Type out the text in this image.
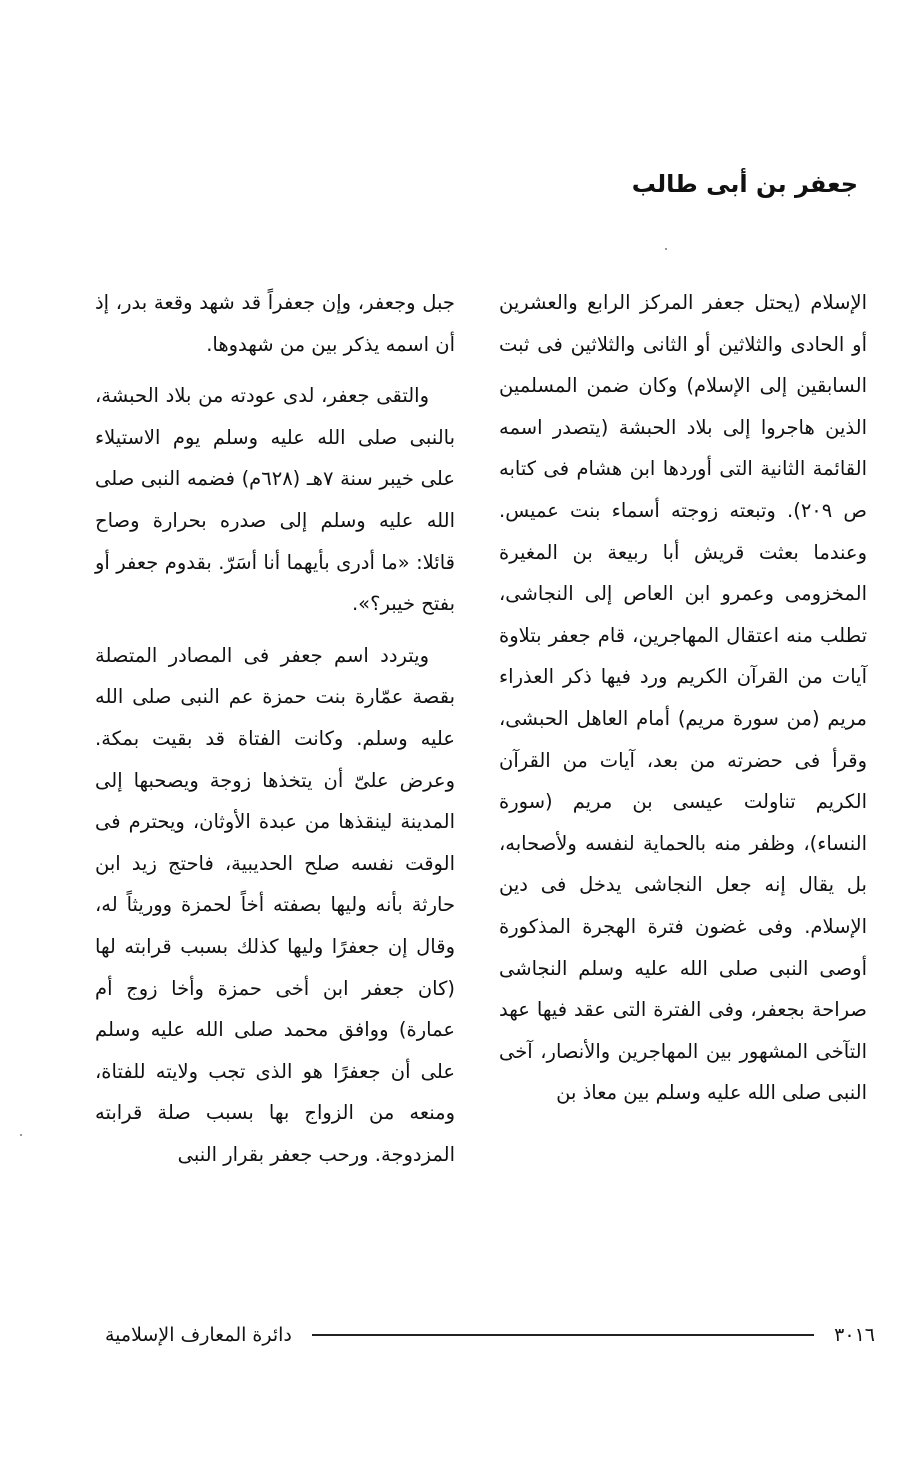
جعفر بن أبى طالب

الإسلام (يحتل جعفر المركز الرابع والعشرين أو الحادى والثلاثين أو الثانى والثلاثين فى ثبت السابقين إلى الإسلام) وكان ضمن المسلمين الذين هاجروا إلى بلاد الحبشة (يتصدر اسمه القائمة الثانية التى أوردها ابن هشام فى كتابه ص ٢٠٩). وتبعته زوجته أسماء بنت عميس. وعندما بعثت قريش أبا ربيعة بن المغيرة المخزومى وعمرو ابن العاص إلى النجاشى، تطلب منه اعتقال المهاجرين، قام جعفر بتلاوة آيات من القرآن الكريم ورد فيها ذكر العذراء مريم (من سورة مريم) أمام العاهل الحبشى، وقرأ فى حضرته من بعد، آيات من القرآن الكريم تناولت عيسى بن مريم (سورة النساء)، وظفر منه بالحماية لنفسه ولأصحابه، بل يقال إنه جعل النجاشى يدخل فى دين الإسلام. وفى غضون فترة الهجرة المذكورة أوصى النبى صلى الله عليه وسلم النجاشى صراحة بجعفر، وفى الفترة التى عقد فيها عهد التآخى المشهور بين المهاجرين والأنصار، آخى النبى صلى الله عليه وسلم بين معاذ بن

جبل وجعفر، وإن جعفراً قد شهد وقعة بدر، إذ أن اسمه يذكر بين من شهدوها.

والتقى جعفر، لدى عودته من بلاد الحبشة، بالنبى صلى الله عليه وسلم يوم الاستيلاء على خيبر سنة ٧هـ (٦٢٨م) فضمه النبى صلى الله عليه وسلم إلى صدره بحرارة وصاح قائلا: «ما أدرى بأيهما أنا أسَرّ. بقدوم جعفر أو بفتح خيبر؟».

ويتردد اسم جعفر فى المصادر المتصلة بقصة عمّارة بنت حمزة عم النبى صلى الله عليه وسلم. وكانت الفتاة قد بقيت بمكة. وعرض علىّ أن يتخذها زوجة ويصحبها إلى المدينة لينقذها من عبدة الأوثان، ويحترم فى الوقت نفسه صلح الحديبية، فاحتج زيد ابن حارثة بأنه وليها بصفته أخاً لحمزة ووريثاً له، وقال إن جعفرًا وليها كذلك بسبب قرابته لها (كان جعفر ابن أخى حمزة وأخا زوج أم عمارة) ووافق محمد صلى الله عليه وسلم على أن جعفرًا هو الذى تجب ولايته للفتاة، ومنعه من الزواج بها بسبب صلة قرابته المزدوجة. ورحب جعفر بقرار النبى

٣٠١٦
دائرة المعارف الإسلامية
